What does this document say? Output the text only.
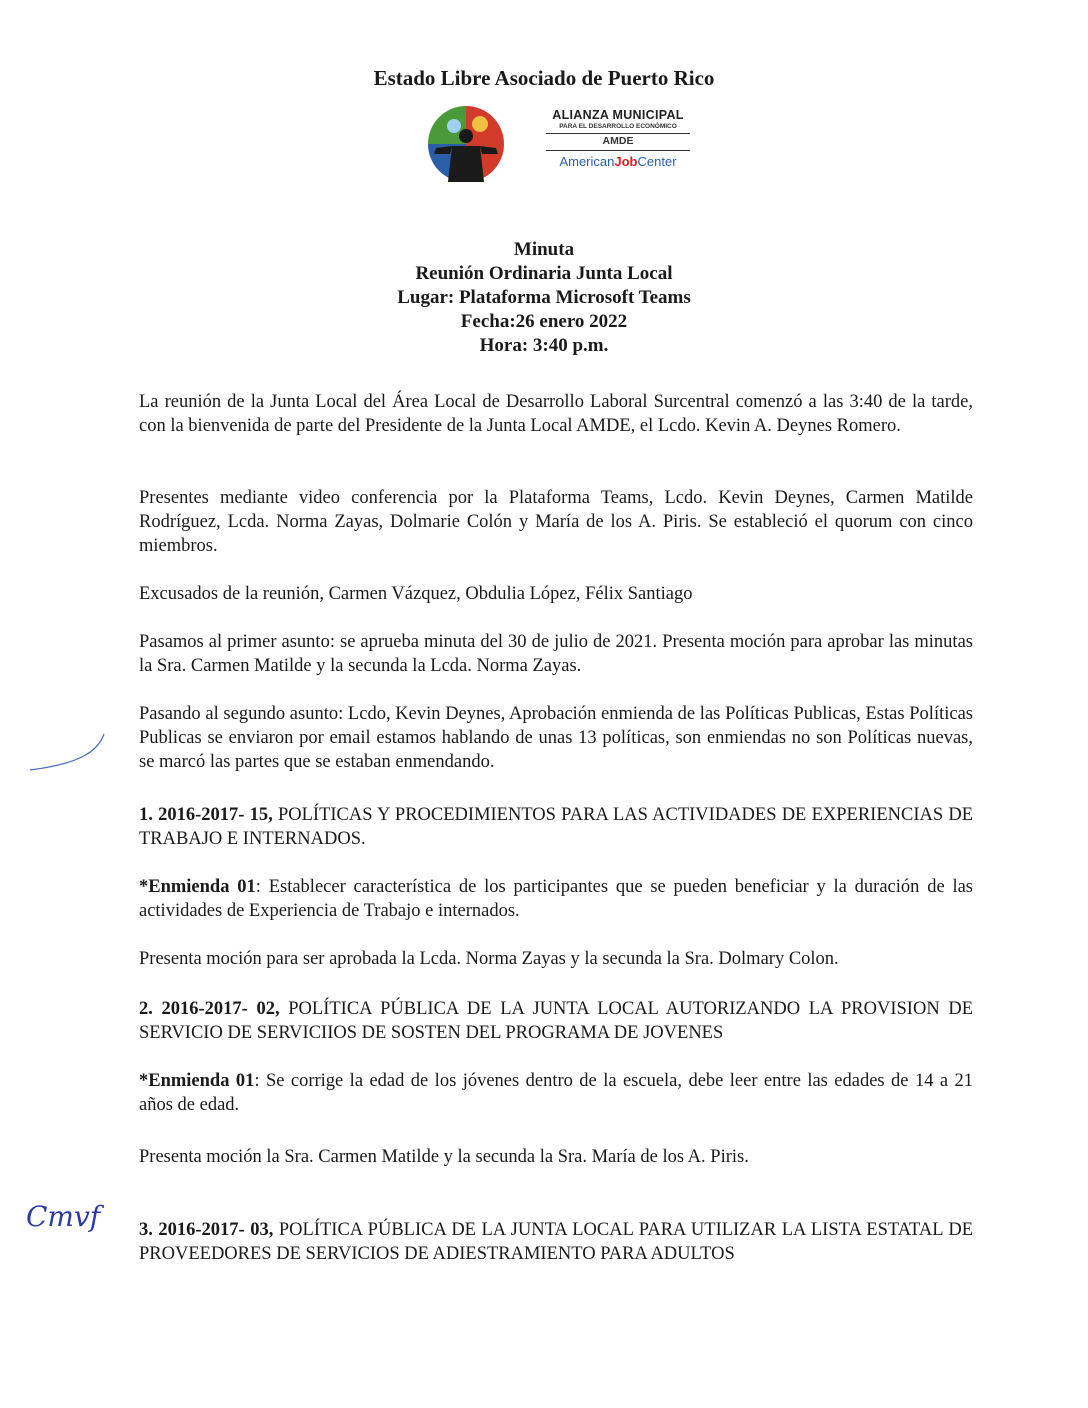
Estado Libre Asociado de Puerto Rico
ALIANZA MUNICIPAL
PARA EL DESARROLLO ECONÓMICO
AMDE
AmericanJobCenter
Minuta
Reunión Ordinaria Junta Local
Lugar: Plataforma Microsoft Teams
Fecha:26 enero 2022
Hora: 3:40 p.m.
La reunión de la Junta Local del Área Local de Desarrollo Laboral Surcentral comenzó a las 3:40 de la tarde, con la bienvenida de parte del Presidente de la Junta Local AMDE, el Lcdo. Kevin A. Deynes Romero.
Presentes mediante video conferencia por la Plataforma Teams, Lcdo. Kevin Deynes, Carmen Matilde Rodríguez, Lcda. Norma Zayas, Dolmarie Colón y María de los A. Piris. Se estableció el quorum con cinco miembros.
Excusados de la reunión, Carmen Vázquez, Obdulia López, Félix Santiago
Pasamos al primer asunto: se aprueba minuta del 30 de julio de 2021. Presenta moción para aprobar las minutas la Sra. Carmen Matilde y la secunda la Lcda. Norma Zayas.
Pasando al segundo asunto: Lcdo, Kevin Deynes, Aprobación enmienda de las Políticas Publicas, Estas Políticas Publicas se enviaron por email estamos hablando de unas 13 políticas, son enmiendas no son Políticas nuevas, se marcó las partes que se estaban enmendando.
1. 2016-2017- 15, POLÍTICAS Y PROCEDIMIENTOS PARA LAS ACTIVIDADES DE EXPERIENCIAS DE TRABAJO E INTERNADOS.
*Enmienda 01: Establecer característica de los participantes que se pueden beneficiar y la duración de las actividades de Experiencia de Trabajo e internados.
Presenta moción para ser aprobada la Lcda. Norma Zayas y la secunda la Sra. Dolmary Colon.
2. 2016-2017- 02, POLÍTICA PÚBLICA DE LA JUNTA LOCAL AUTORIZANDO LA PROVISION DE SERVICIO DE SERVICIIOS DE SOSTEN DEL PROGRAMA DE JOVENES
*Enmienda 01: Se corrige la edad de los jóvenes dentro de la escuela, debe leer entre las edades de 14 a 21 años de edad.
Presenta moción la Sra. Carmen Matilde y la secunda la Sra. María de los A. Piris.
3. 2016-2017- 03, POLÍTICA PÚBLICA DE LA JUNTA LOCAL PARA UTILIZAR LA LISTA ESTATAL DE PROVEEDORES DE SERVICIOS DE ADIESTRAMIENTO PARA ADULTOS
Cmvf
